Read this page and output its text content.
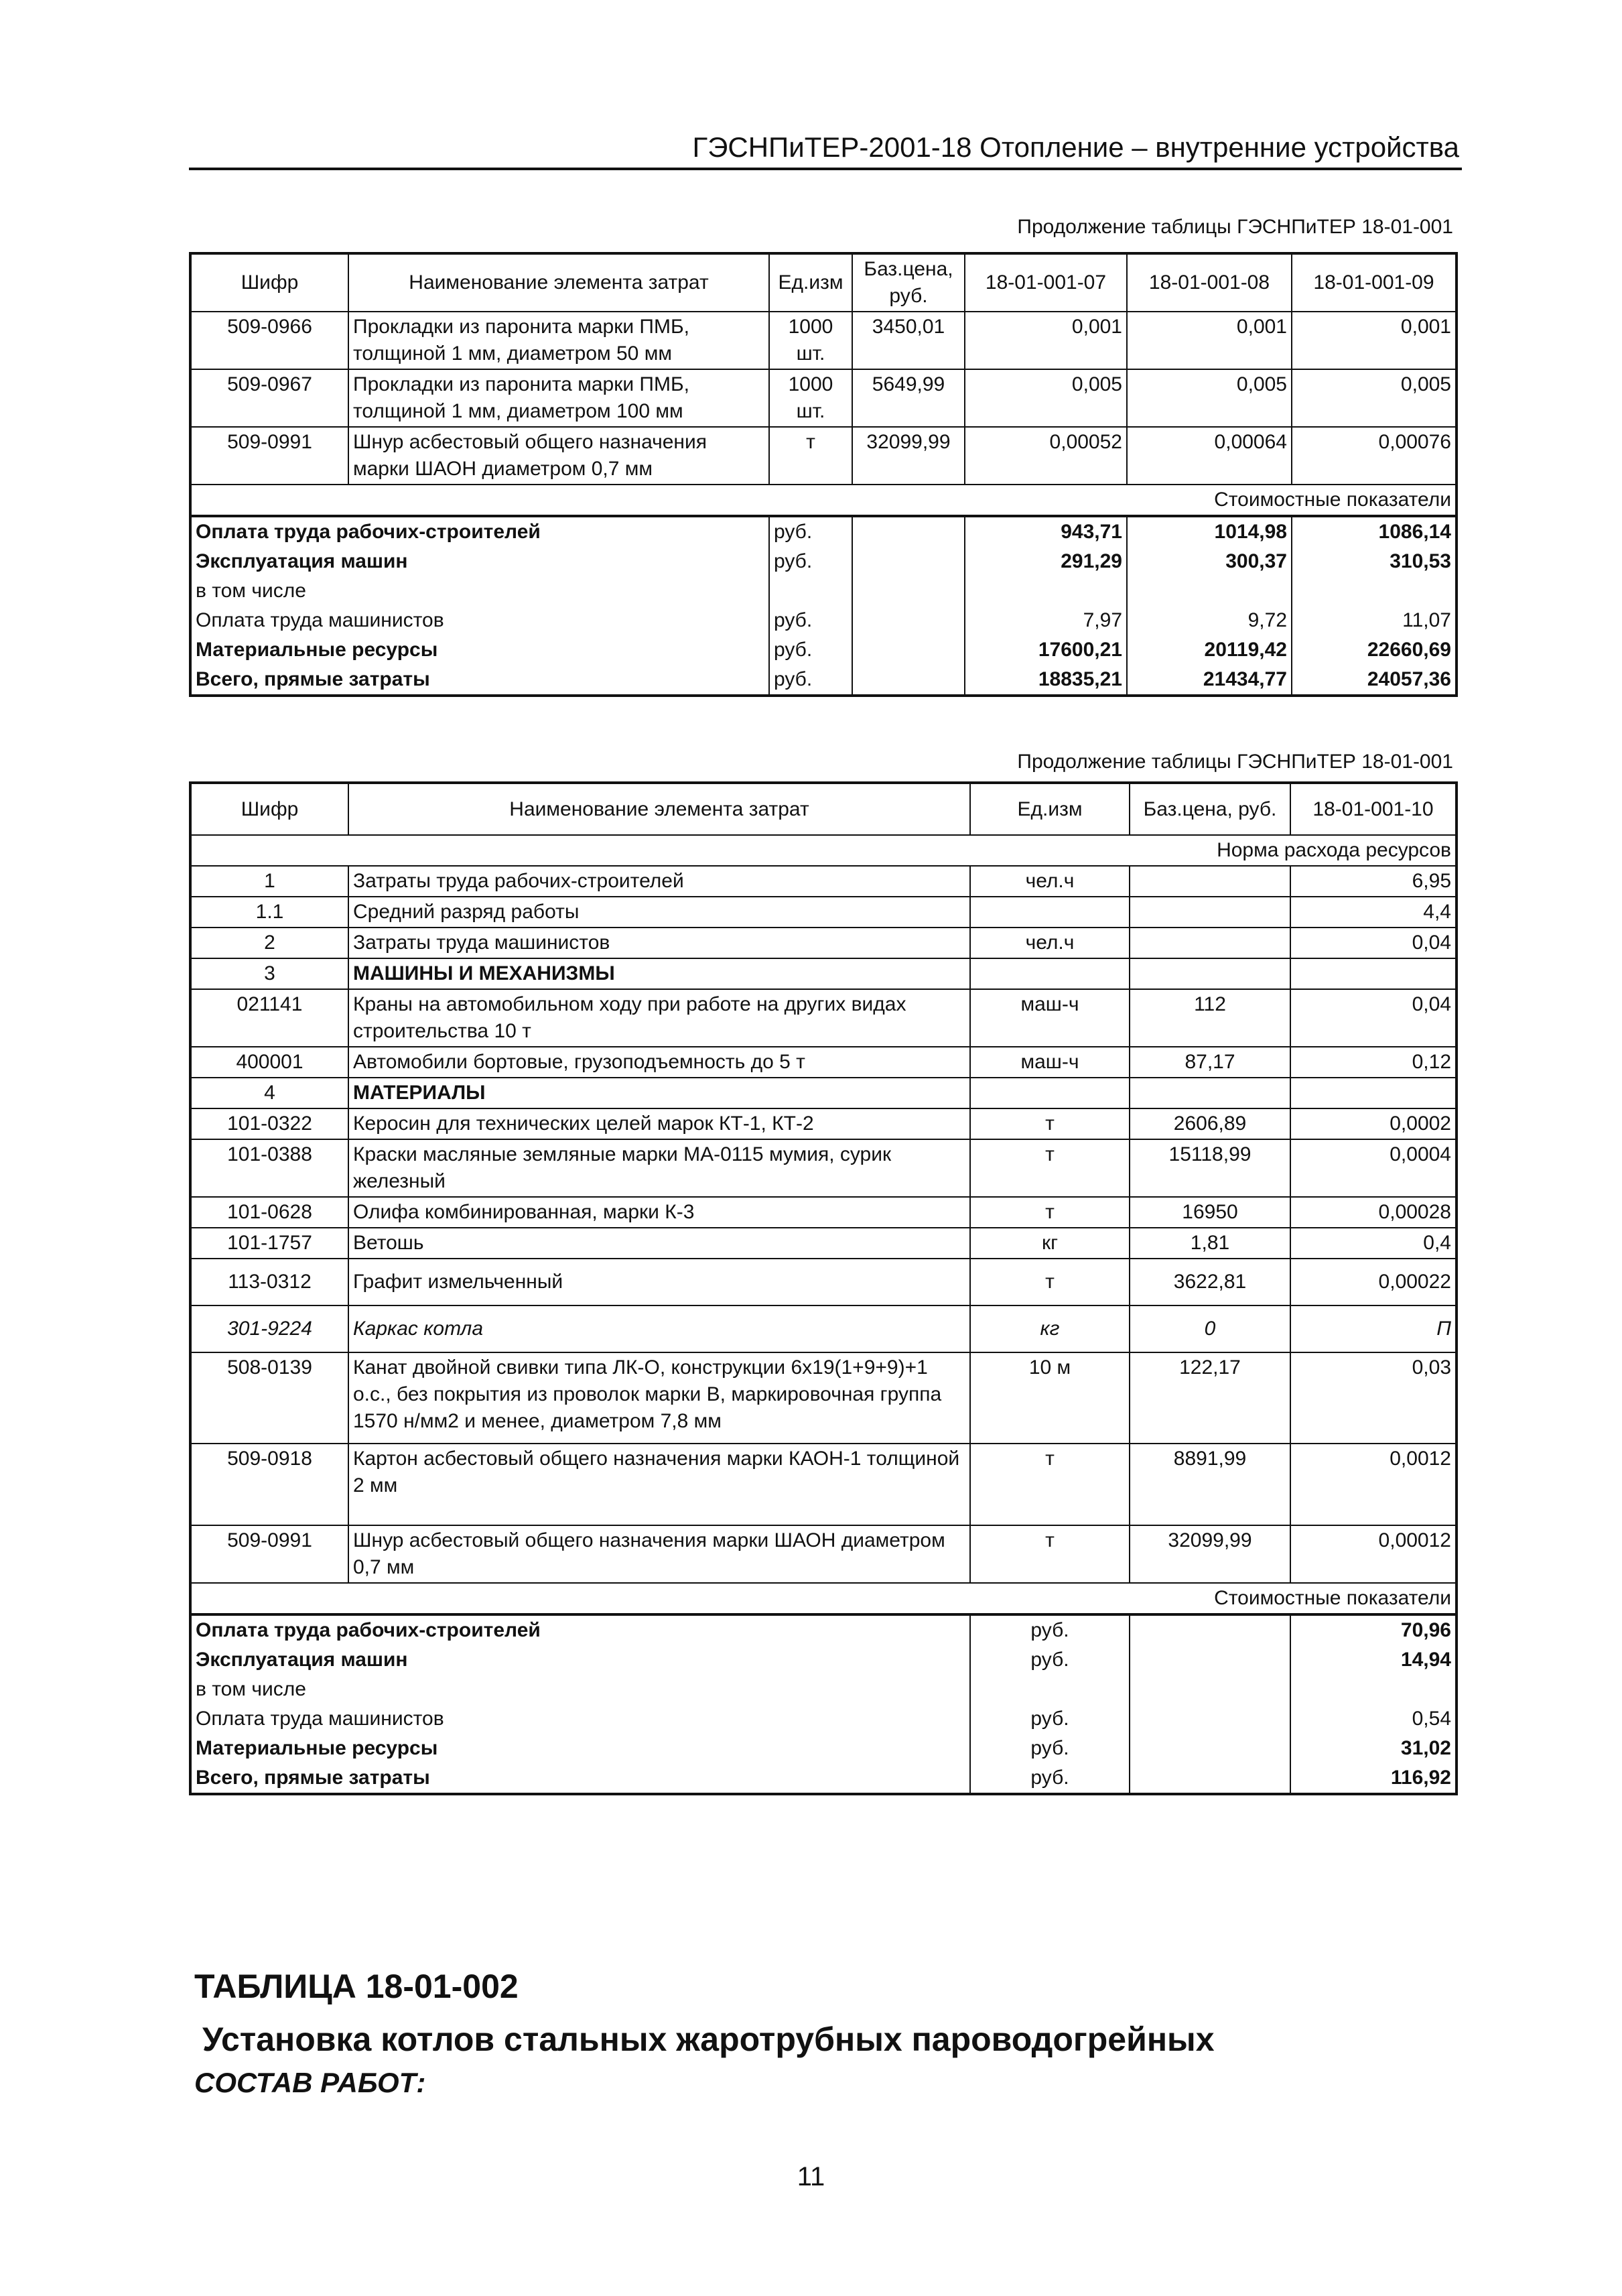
ГЭСНПиТЕР-2001-18 Отопление – внутренние устройства
Продолжение таблицы ГЭСНПиТЕР 18-01-001
Шифр	Наименование элемента затрат	Ед.изм	Баз.цена, руб.	18-01-001-07	18-01-001-08	18-01-001-09
509-0966	Прокладки из паронита марки ПМБ, толщиной 1 мм, диаметром 50 мм	1000 шт.	3450,01	0,001	0,001	0,001
509-0967	Прокладки из паронита марки ПМБ, толщиной 1 мм, диаметром 100 мм	1000 шт.	5649,99	0,005	0,005	0,005
509-0991	Шнур асбестовый общего назначения марки ШАОН диаметром 0,7 мм	т	32099,99	0,00052	0,00064	0,00076
Стоимостные показатели						
Оплата труда рабочих-строителей		руб.		943,71	1014,98	1086,14
Эксплуатация машин		руб.		291,29	300,37	310,53
в том числе						
Оплата труда машинистов		руб.		7,97	9,72	11,07
Материальные ресурсы		руб.		17600,21	20119,42	22660,69
Всего, прямые затраты		руб.		18835,21	21434,77	24057,36
Продолжение таблицы ГЭСНПиТЕР 18-01-001
Шифр	Наименование элемента затрат	Ед.изм	Баз.цена, руб.	18-01-001-10
Норма расхода ресурсов				
1	Затраты труда рабочих-строителей	чел.ч		6,95
1.1	Средний разряд работы			4,4
2	Затраты труда машинистов	чел.ч		0,04
3	МАШИНЫ И МЕХАНИЗМЫ			
021141	Краны на автомобильном ходу при работе на других видах строительства 10 т	маш-ч	112	0,04
400001	Автомобили бортовые, грузоподъемность до 5 т	маш-ч	87,17	0,12
4	МАТЕРИАЛЫ			
101-0322	Керосин для технических целей марок КТ-1, КТ-2	т	2606,89	0,0002
101-0388	Краски масляные земляные марки МА-0115 мумия, сурик железный	т	15118,99	0,0004
101-0628	Олифа комбинированная, марки К-3	т	16950	0,00028
101-1757	Ветошь	кг	1,81	0,4
113-0312	Графит измельченный	т	3622,81	0,00022
301-9224	Каркас котла	кг	0	П
508-0139	Канат двойной свивки типа ЛК-О, конструкции 6х19(1+9+9)+1 о.с., без покрытия из проволок марки В, маркировочная группа 1570 н/мм2 и менее, диаметром 7,8 мм	10 м	122,17	0,03
509-0918	Картон асбестовый общего назначения марки КАОН-1 толщиной 2 мм	т	8891,99	0,0012
509-0991	Шнур асбестовый общего назначения марки ШАОН диаметром 0,7 мм	т	32099,99	0,00012
Стоимостные показатели				
Оплата труда рабочих-строителей		руб.		70,96
Эксплуатация машин		руб.		14,94
в том числе				
Оплата труда машинистов		руб.		0,54
Материальные ресурсы		руб.		31,02
Всего, прямые затраты		руб.		116,92
ТАБЛИЦА 18-01-002
Установка котлов стальных жаротрубных пароводогрейных
СОСТАВ РАБОТ:
11
